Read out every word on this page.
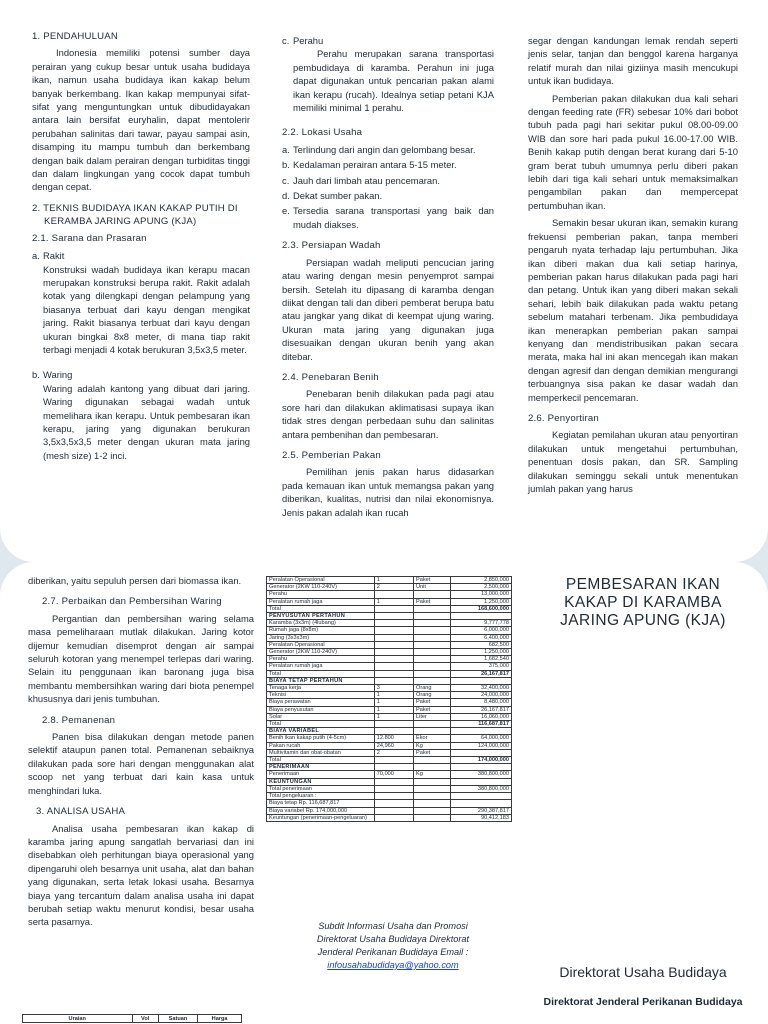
1. PENDAHULUAN

Indonesia memiliki potensi sumber daya perairan yang cukup besar untuk usaha budidaya ikan, namun usaha budidaya ikan kakap belum banyak berkembang. Ikan kakap mempunyai sifat-sifat yang menguntungkan untuk dibudidayakan antara lain bersifat euryhalin, dapat mentolerir perubahan salinitas dari tawar, payau sampai asin, disamping itu mampu tumbuh dan berkembang dengan baik dalam perairan dengan turbiditas tinggi dan dalam lingkungan yang cocok dapat tumbuh dengan cepat.

2. TEKNIS BUDIDAYA IKAN KAKAP PUTIH DI KERAMBA JARING APUNG (KJA)
2.1. Sarana dan Prasaran
a. Rakit

Konstruksi wadah budidaya ikan kerapu macan merupakan konstruksi berupa rakit. Rakit adalah kotak yang dilengkapi dengan pelampung yang biasanya terbuat dari kayu dengan mengikat jaring. Rakit biasanya terbuat dari kayu dengan ukuran bingkai 8x8 meter, di mana tiap rakit terbagi menjadi 4 kotak berukuran 3,5x3,5 meter.

b. Waring

Waring adalah kantong yang dibuat dari jaring. Waring digunakan sebagai wadah untuk memelihara ikan kerapu. Untuk pembesaran ikan kerapu, jaring yang digunakan berukuran 3,5x3,5x3,5 meter dengan ukuran mata jaring (mesh size) 1-2 inci.

c. Perahu

Perahu merupakan sarana transportasi pembudidaya di karamba. Perahun ini juga dapat digunakan untuk pencarian pakan alami ikan kerapu (rucah). Idealnya setiap petani KJA memiliki minimal 1 perahu.

2.2. Lokasi Usaha
a. Terlindung dari angin dan gelombang besar.
b. Kedalaman perairan antara 5-15 meter.
c. Jauh dari limbah atau pencemaran.
d. Dekat sumber pakan.
e. Tersedia sarana transportasi yang baik dan mudah diakses.
2.3. Persiapan Wadah

Persiapan wadah meliputi pencucian jaring atau waring dengan mesin penyemprot sampai bersih. Setelah itu dipasang di karamba dengan diikat dengan tali dan diberi pemberat berupa batu atau jangkar yang dikat di keempat ujung waring. Ukuran mata jaring yang digunakan juga disesuaikan dengan ukuran benih yang akan ditebar.

2.4. Penebaran Benih

Penebaran benih dilakukan pada pagi atau sore hari dan dilakukan aklimatisasi supaya ikan tidak stres dengan perbedaan suhu dan salinitas antara pembenihan dan pembesaran.

2.5. Pemberian Pakan

Pemilihan jenis pakan harus didasarkan pada kemauan ikan untuk memangsa pakan yang diberikan, kualitas, nutrisi dan nilai ekonomisnya. Jenis pakan adalah ikan rucah

segar dengan kandungan lemak rendah seperti jenis selar, tanjan dan benggol karena harganya relatif murah dan nilai giziinya masih mencukupi untuk ikan budidaya.

Pemberian pakan dilakukan dua kali sehari dengan feeding rate (FR) sebesar 10% dari bobot tubuh pada pagi hari sekitar pukul 08.00-09.00 WIB dan sore hari pada pukul 16.00-17.00 WIB. Benih kakap putih dengan berat kurang dari 5-10 gram berat tubuh umumnya perlu diberi pakan lebih dari tiga kali sehari untuk memaksimalkan pengambilan pakan dan mempercepat pertumbuhan ikan.

Semakin besar ukuran ikan, semakin kurang frekuensi pemberian pakan, tanpa memberi pengaruh nyata terhadap laju pertumbuhan. Jika ikan diberi makan dua kali setiap harinya, pemberian pakan harus dilakukan pada pagi hari dan petang. Untuk ikan yang diberi makan sekali sehari, lebih baik dilakukan pada waktu petang sebelum matahari terbenam. Jika pembudidaya ikan menerapkan pemberian pakan sampai kenyang dan mendistribusikan pakan secara merata, maka hal ini akan mencegah ikan makan dengan agresif dan dengan demikian mengurangi terbuangnya sisa pakan ke dasar wadah dan memperkecil pencemaran.

2.6. Penyortiran

Kegiatan pemilahan ukuran atau penyortiran dilakukan untuk mengetahui pertumbuhan, penentuan dosis pakan, dan SR. Sampling dilakukan seminggu sekali untuk menentukan jumlah pakan yang harus

diberikan, yaitu sepuluh persen dari biomassa ikan.

2.7. Perbaikan dan Pembersihan Waring

Pergantian dan pembersihan waring selama masa pemeliharaan mutlak dilakukan. Jaring kotor dijemur kemudian disemprot dengan air sampai seluruh kotoran yang menempel terlepas dari waring. Selain itu penggunaan ikan baronang juga bisa membantu membersihkan waring dari biota penempel khususnya dari jenis tumbuhan.

2.8. Pemanenan

Panen bisa dilakukan dengan metode panen selektif ataupun panen total. Pemanenan sebaiknya dilakukan pada sore hari dengan menggunakan alat scoop net yang terbuat dari kain kasa untuk menghindari luka.

3. ANALISA USAHA

Analisa usaha pembesaran ikan kakap di karamba jaring apung sangatlah bervariasi dan ini disebabkan oleh perhitungan biaya operasional yang dipengaruhi oleh besarnya unit usaha, alat dan bahan yang digunakan, serta letak lokasi usaha. Besarnya biaya yang tercantum dalam analisa usaha ini dapat berubah setiap waktu menurut kondisi, besar usaha serta pasarnya.

Peralatan Operasional	1	Paket	2,850,000
Generator (2KW 110-240V)	2	Unit	2,500,000
Perahu			13,000,000
Peralatan rumah jaga	1	Paket	1,250,000
Total			168,600,000
PENYUSUTAN PERTAHUN			
Karamba (3x3m) (4lubang)			9,777,778
Rumah jaga (8x8m)			6,000,000
Jaring (3x3x3m)			6,400,000
Peralatan Operasional			682,500
Generator (2KW 110-240V)			1,250,000
Perahu			1,682,540
Peralatan rumah jaga			375,000
Total			26,167,817
BIAYA TETAP PERTAHUN			
Tenaga kerja	3	Orang	32,400,000
Teknisi	1	Orang	24,000,000
Biaya perawatan	1	Paket	8,480,000
Biaya penyusutan	1	Paket	26,167,817
Solar	1	Liter	16,060,000
Total			116,687,817
BIAYA VARIABEL			
Benih ikan kakap putih (4-5cm)	12.800	Ekor	64,000,000
Pakan rucah	24,960	Kg	124,000,000
Multivitamin dan obat-obatan	2	Paket	
Total			174,000,000
PENERIMAAN			
Penerimaan	70,000	Kg	380,800,000
KEUNTUNGAN			
Total penerimaan			380,800,000
Total pengeluaran :			
Biaya tetap Rp. 116,687,817			
Biaya variabel Rp. 174,000,000			290,387,817
Keuntungan (penerimaan-pengeluaran)			90,412,183
PEMBESARAN IKAN KAKAP DI KARAMBA JARING APUNG (KJA)
Subdit Informasi Usaha dan Promosi
Direktorat Usaha Budidaya Direktorat
Jenderal Perikanan Budidaya Email :
infousahabudidaya@yahoo.com	Direktorat Usaha Budidaya
Direktorat Jenderal Perikanan Budidaya
Uraian	Vol	Satuan	Harga
